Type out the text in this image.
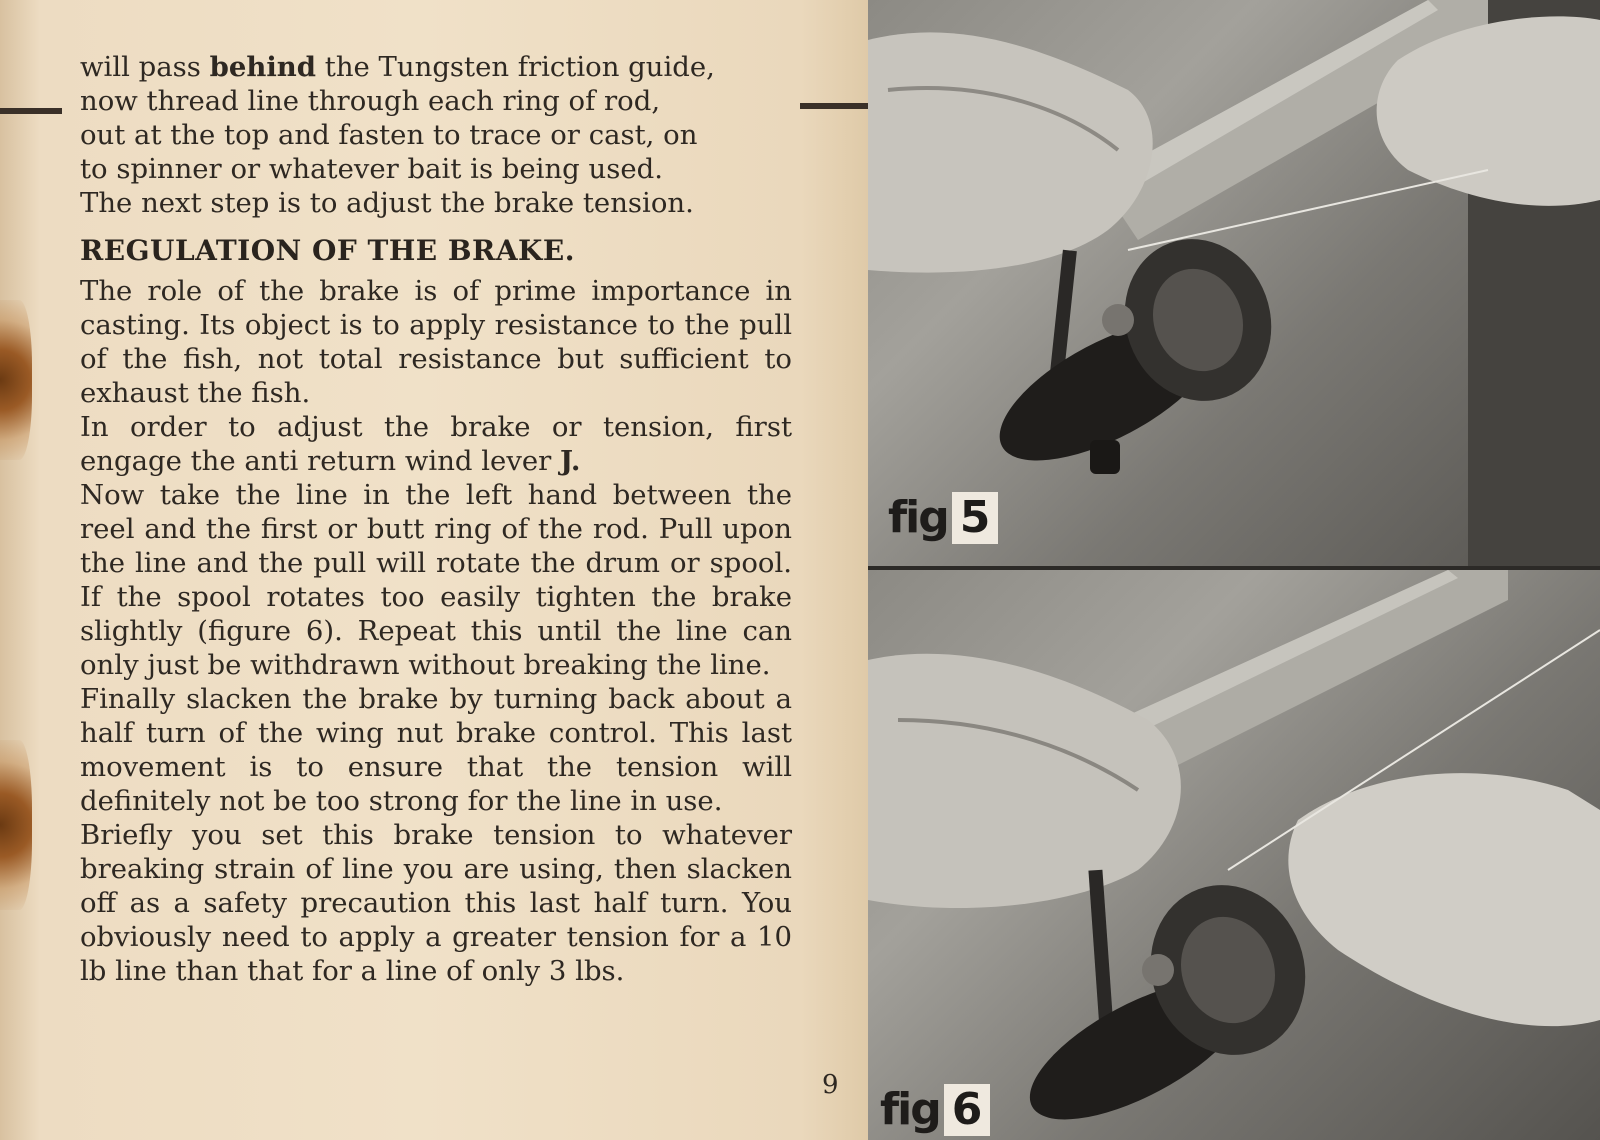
will pass behind the Tungsten friction guide,

now thread line through each ring of rod,

out at the top and fasten to trace or cast, on

to spinner or whatever bait is being used.

The next step is to adjust the brake tension.

REGULATION OF THE BRAKE.

The role of the brake is of prime importance in casting. Its object is to apply resistance to the pull of the fish, not total resistance but sufficient to exhaust the fish.

In order to adjust the brake or tension, first engage the anti return wind lever J.

Now take the line in the left hand between the reel and the first or butt ring of the rod. Pull upon the line and the pull will rotate the drum or spool. If the spool rotates too easily tighten the brake slightly (figure 6). Repeat this until the line can only just be withdrawn without breaking the line.

Finally slacken the brake by turning back about a half turn of the wing nut brake control. This last movement is to ensure that the tension will definitely not be too strong for the line in use.

Briefly you set this brake tension to whatever breaking strain of line you are using, then slacken off as a safety precaution this last half turn. You obviously need to apply a greater tension for a 10 lb line than that for a line of only 3 lbs.

9
fig 5
fig 6
